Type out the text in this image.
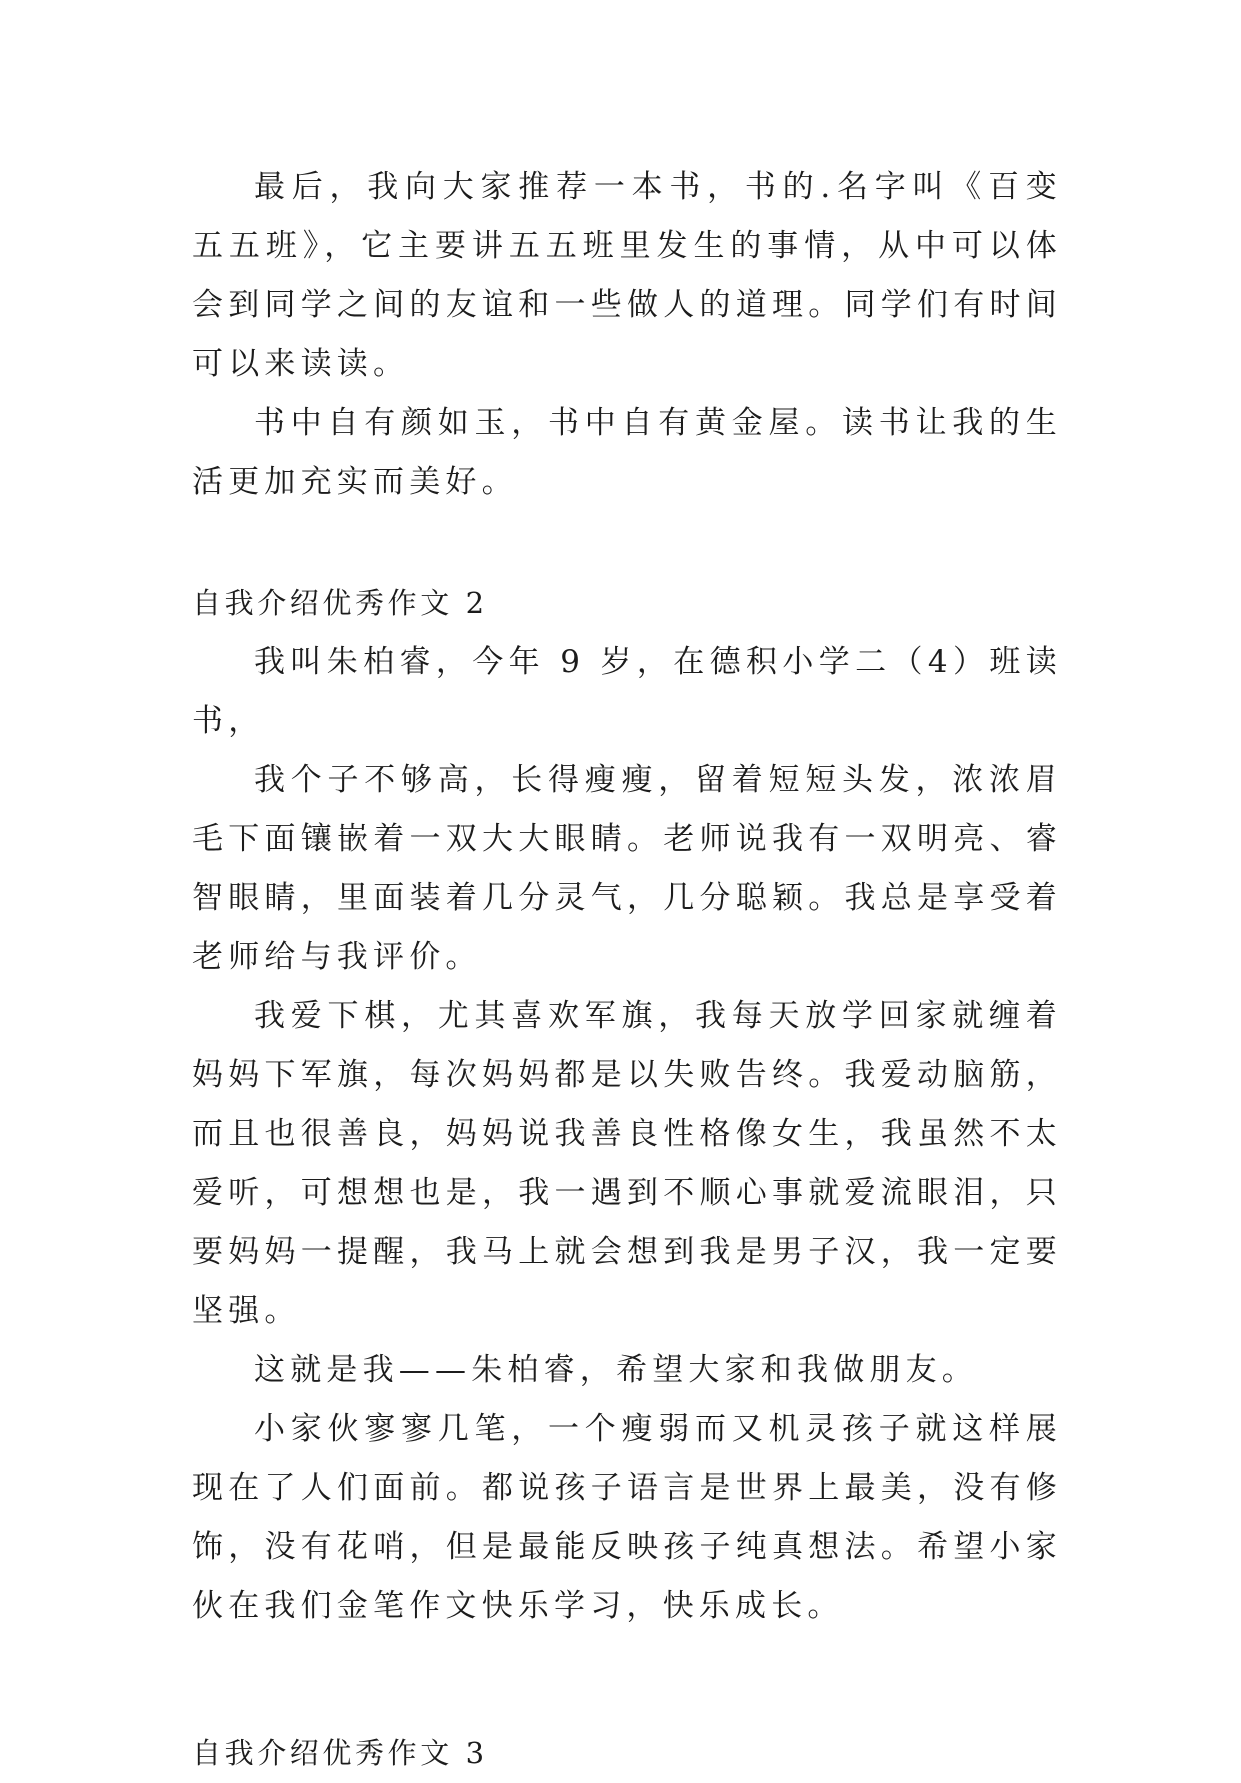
最后，我向大家推荐一本书，书的.名字叫《百变五五班》，它主要讲五五班里发生的事情，从中可以体会到同学之间的友谊和一些做人的道理。同学们有时间可以来读读。

书中自有颜如玉，书中自有黄金屋。读书让我的生活更加充实而美好。

自我介绍优秀作文 2

我叫朱柏睿，今年 9 岁，在德积小学二（4）班读书，

我个子不够高，长得瘦瘦，留着短短头发，浓浓眉毛下面镶嵌着一双大大眼睛。老师说我有一双明亮、睿智眼睛，里面装着几分灵气，几分聪颖。我总是享受着老师给与我评价。

我爱下棋，尤其喜欢军旗，我每天放学回家就缠着妈妈下军旗，每次妈妈都是以失败告终。我爱动脑筋，而且也很善良，妈妈说我善良性格像女生，我虽然不太爱听，可想想也是，我一遇到不顺心事就爱流眼泪，只要妈妈一提醒，我马上就会想到我是男子汉，我一定要坚强。

这就是我——朱柏睿，希望大家和我做朋友。

小家伙寥寥几笔，一个瘦弱而又机灵孩子就这样展现在了人们面前。都说孩子语言是世界上最美，没有修饰，没有花哨，但是最能反映孩子纯真想法。希望小家伙在我们金笔作文快乐学习，快乐成长。

自我介绍优秀作文 3
